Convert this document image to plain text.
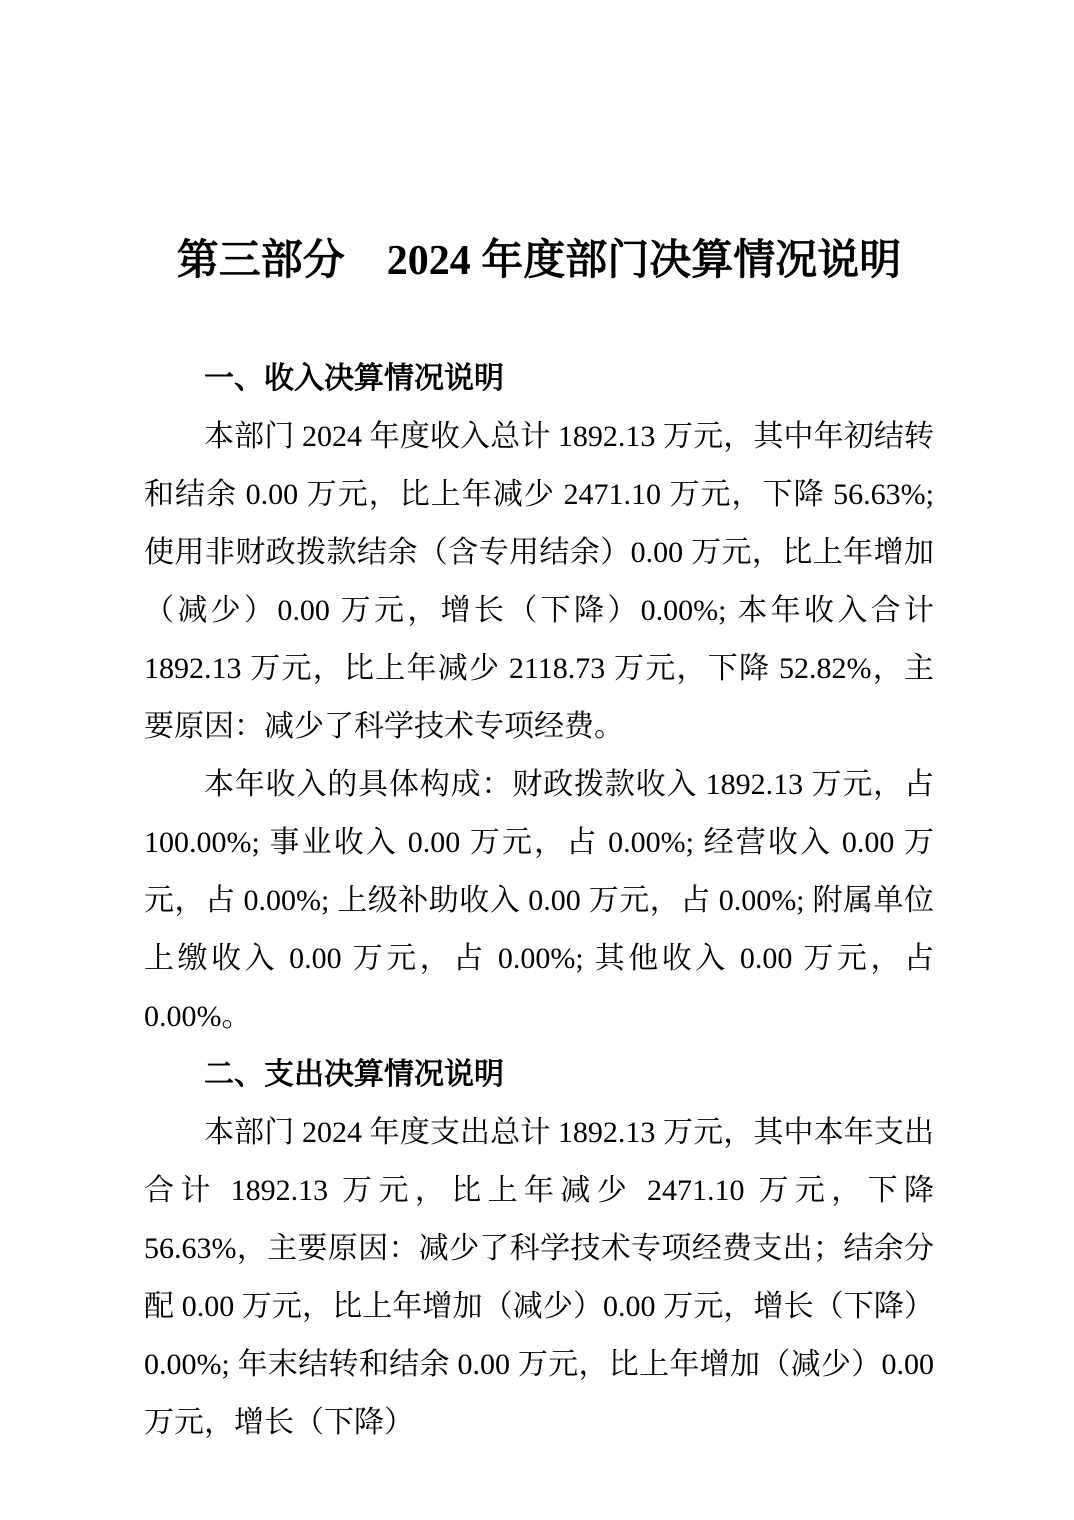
第三部分　2024 年度部门决算情况说明
一、收入决算情况说明

本部门 2024 年度收入总计 1892.13 万元，其中年初结转和结余 0.00 万元，比上年减少 2471.10 万元，下降 56.63%; 使用非财政拨款结余（含专用结余）0.00 万元，比上年增加（减少）0.00 万元，增长（下降）0.00%; 本年收入合计 1892.13 万元，比上年减少 2118.73 万元，下降 52.82%，主要原因：减少了科学技术专项经费。

本年收入的具体构成：财政拨款收入 1892.13 万元，占 100.00%; 事业收入 0.00 万元，占 0.00%; 经营收入 0.00 万元，占 0.00%; 上级补助收入 0.00 万元，占 0.00%; 附属单位上缴收入 0.00 万元，占 0.00%; 其他收入 0.00 万元，占 0.00%。

二、支出决算情况说明

本部门 2024 年度支出总计 1892.13 万元，其中本年支出合计 1892.13 万元，比上年减少 2471.10 万元，下降 56.63%，主要原因：减少了科学技术专项经费支出；结余分配 0.00 万元，比上年增加（减少）0.00 万元，增长（下降）0.00%; 年末结转和结余 0.00 万元，比上年增加（减少）0.00 万元，增长（下降）
